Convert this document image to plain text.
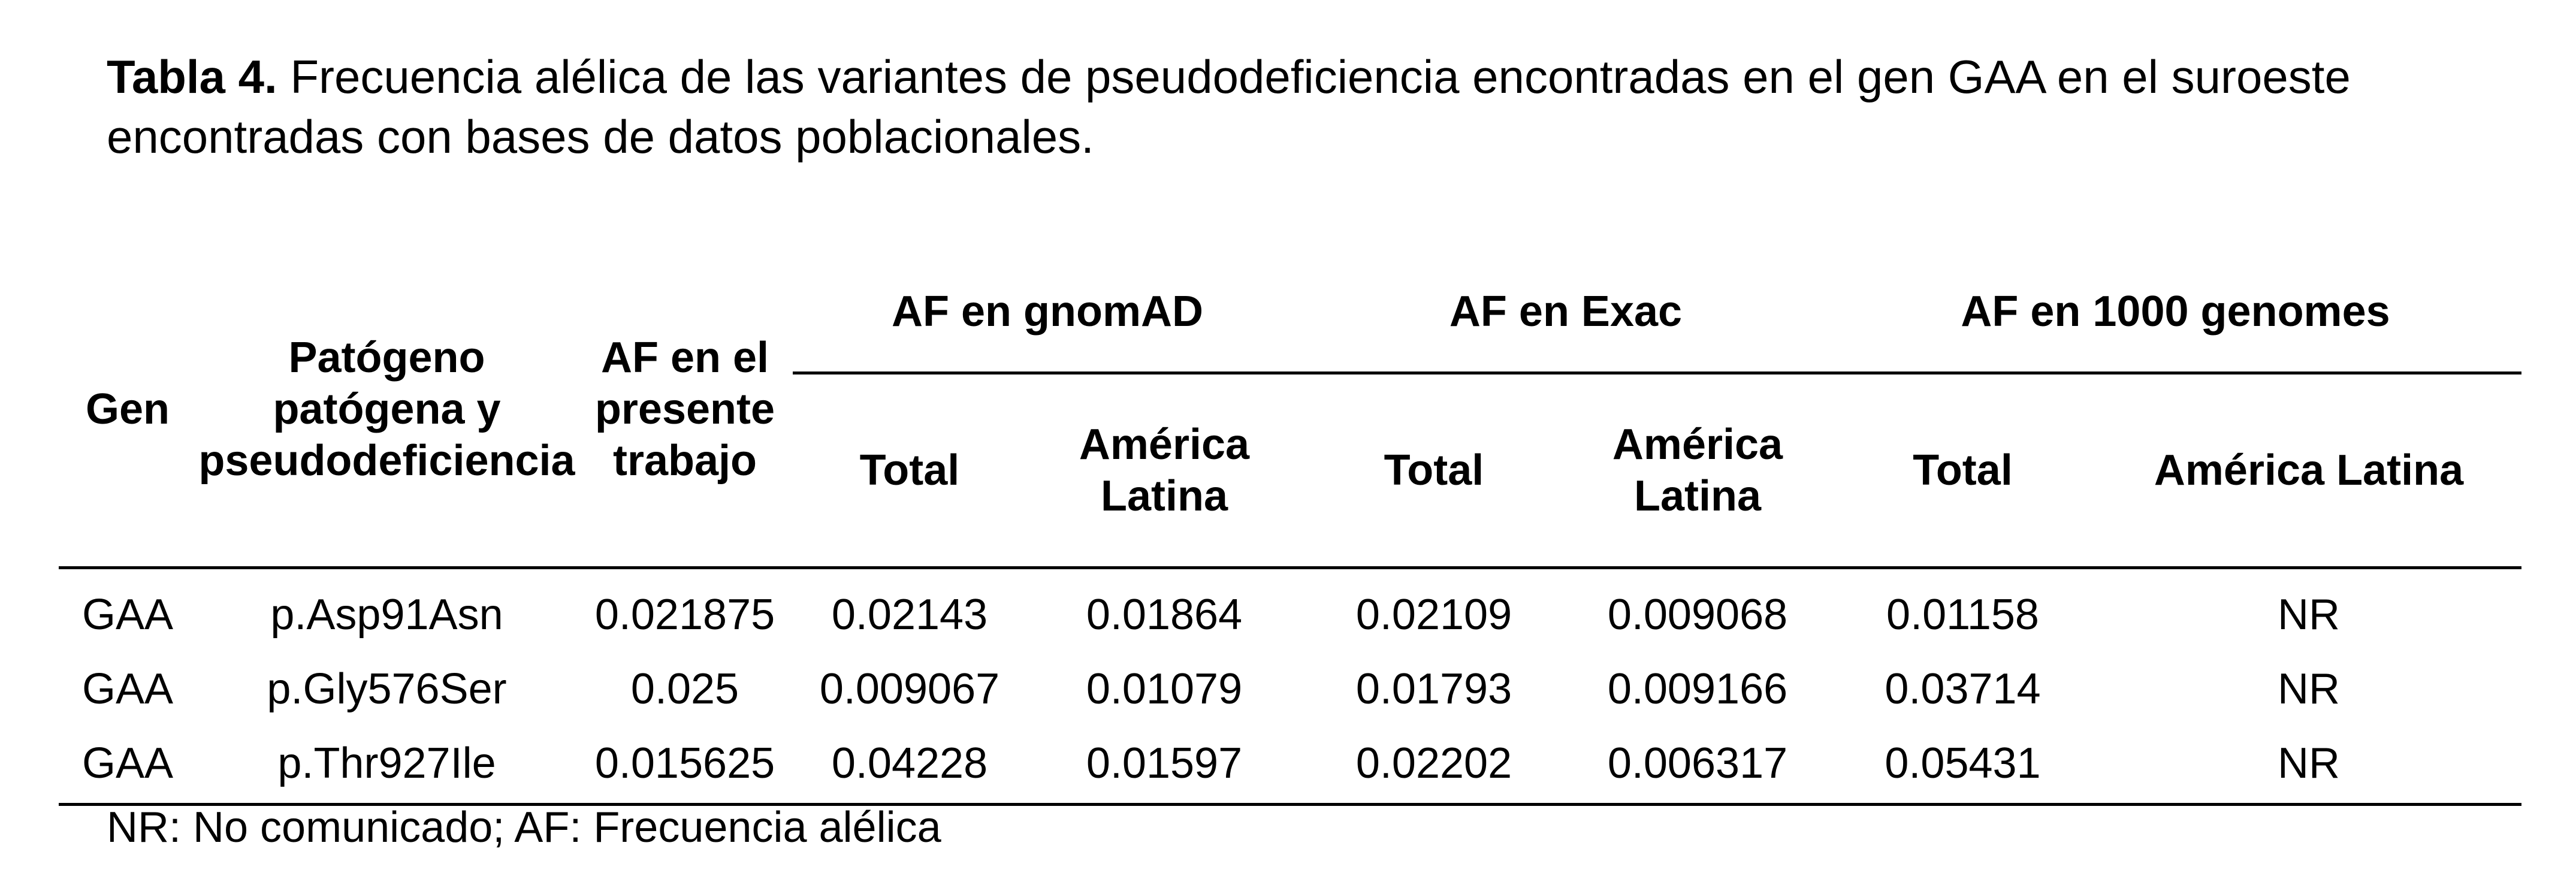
Tabla 4. Frecuencia alélica de las variantes de pseudodeficiencia encontradas en el gen GAA en el suroeste encontradas con bases de datos poblacionales.
Gen	Patógeno patógena y pseudodeficiencia	AF en el presente trabajo	AF en gnomAD		AF en Exac		AF en 1000 genomes	
			Total	América Latina	Total	América Latina	Total	América Latina
GAA	p.Asp91Asn	0.021875	0.02143	0.01864	0.02109	0.009068	0.01158	NR
GAA	p.Gly576Ser	0.025	0.009067	0.01079	0.01793	0.009166	0.03714	NR
GAA	p.Thr927Ile	0.015625	0.04228	0.01597	0.02202	0.006317	0.05431	NR
NR: No comunicado; AF: Frecuencia alélica
